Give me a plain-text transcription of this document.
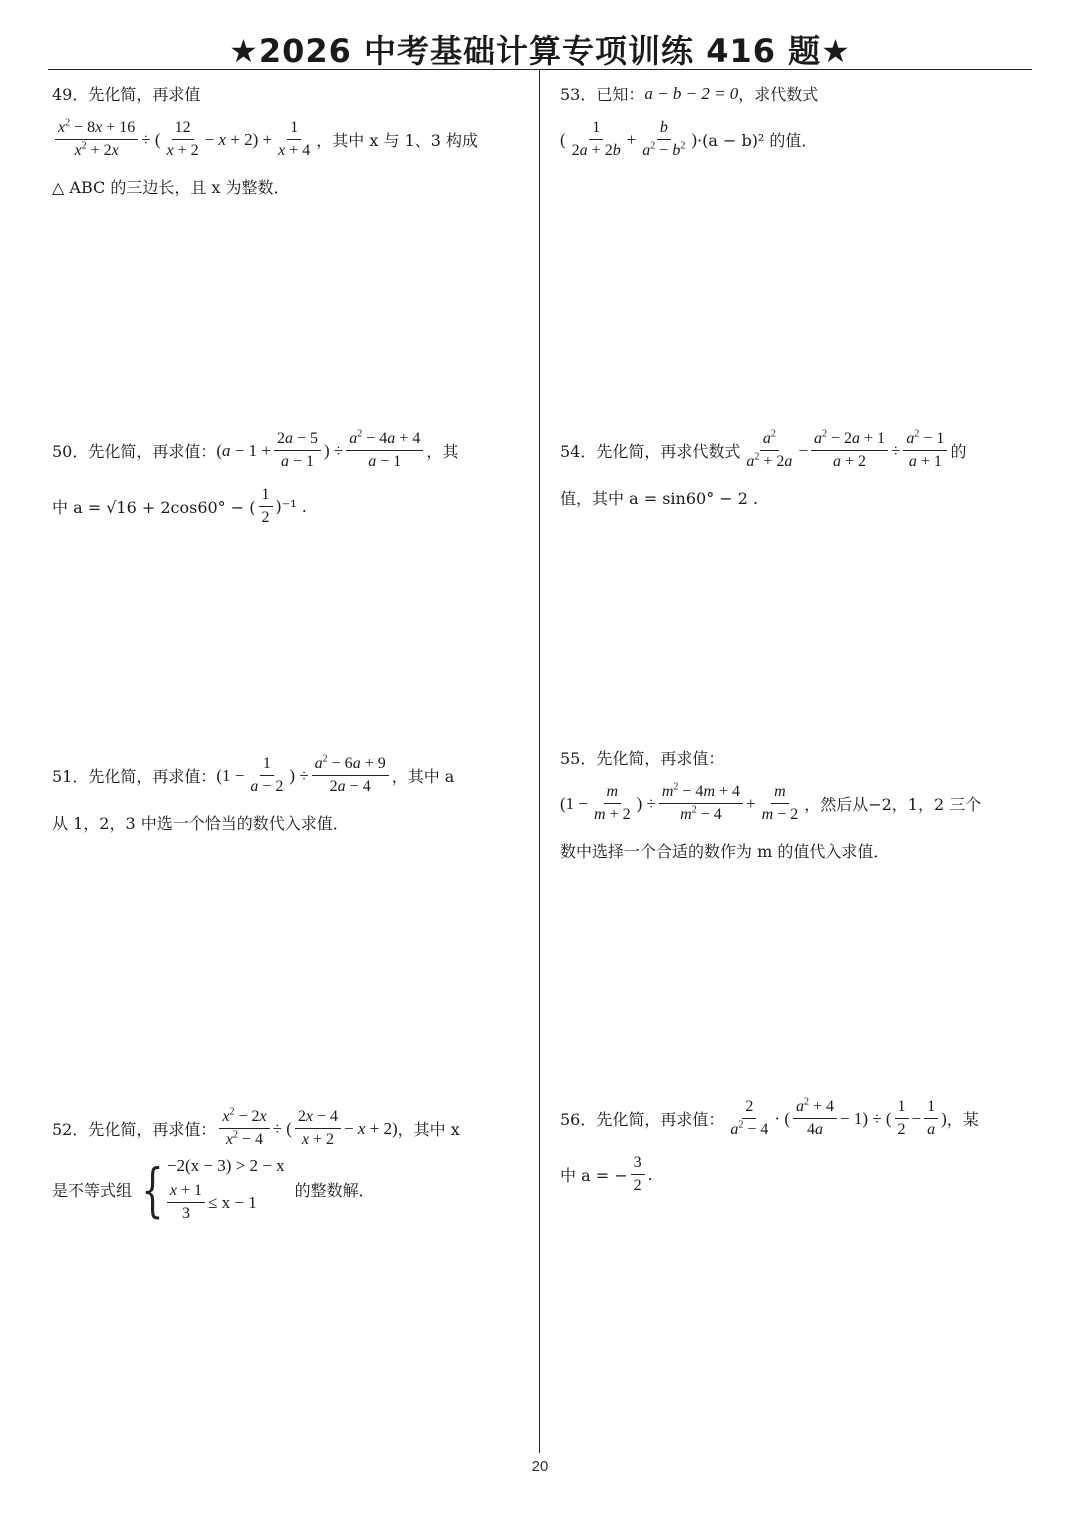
★2026 中考基础计算专项训练 416 题★
49．先化简，再求值
$\frac{x^2 - 8x + 16}{x^2 + 2x}$ ÷ ( $\frac{12}{x + 2} - x + 2) + \frac{1}{x + 4}$ ，其中 x 与 1、3 构成
△ ABC 的三边长，且 x 为整数．
50．先化简，再求值： ($a - 1 + \frac{2a - 5}{a - 1}$ ) ÷ $\frac{a^2 - 4a + 4}{a - 1}$ ，其
中 a = √16 + 2cos60° − ( $\frac{1}{2} )^{-1}$ .
51．先化简，再求值： ($1 - \frac{1}{a - 2}$ ) ÷ $\frac{a^2 - 6a + 9}{2a - 4}$ ，其中 a
从 1，2，3 中选一个恰当的数代入求值．
52．先化简，再求值： $\frac{x^2 - 2x}{x^2 - 4}$ ÷ ( $\frac{2x - 4}{x + 2} - x + 2$) ，其中 x
是不等式组 { −2(x − 3) > 2 − x
$\frac{x + 1}{3} \le x - 1$
的整数解．
53．已知： a − b − 2 = 0 ，求代数式
( $\frac{1}{2a + 2b} + \frac{b}{a^2 - b^2}$ ) ·(a − b)² 的值．
54．先化简，再求代数式 $\frac{a^2}{a^2 + 2a} - \frac{a^2 - 2a + 1}{a + 2} \div \frac{a^2 - 1}{a + 1}$ 的
值，其中 a = sin60° − 2 .
55．先化简，再求值：
($1 - \frac{m}{m + 2}$ ) ÷ $\frac{m^2 - 4m + 4}{m^2 - 4} + \frac{m}{m - 2}$ ，然后从−2，1，2 三个
数中选择一个合适的数作为 m 的值代入求值．
56．先化简，再求值： $\frac{2}{a^2 - 4}$ · ( $\frac{a^2 + 4}{4a} - 1$) ÷ ( $\frac{1}{2} - \frac{1}{a}$ ) ，某
中 a = − $\frac{3}{2}$ .
20
